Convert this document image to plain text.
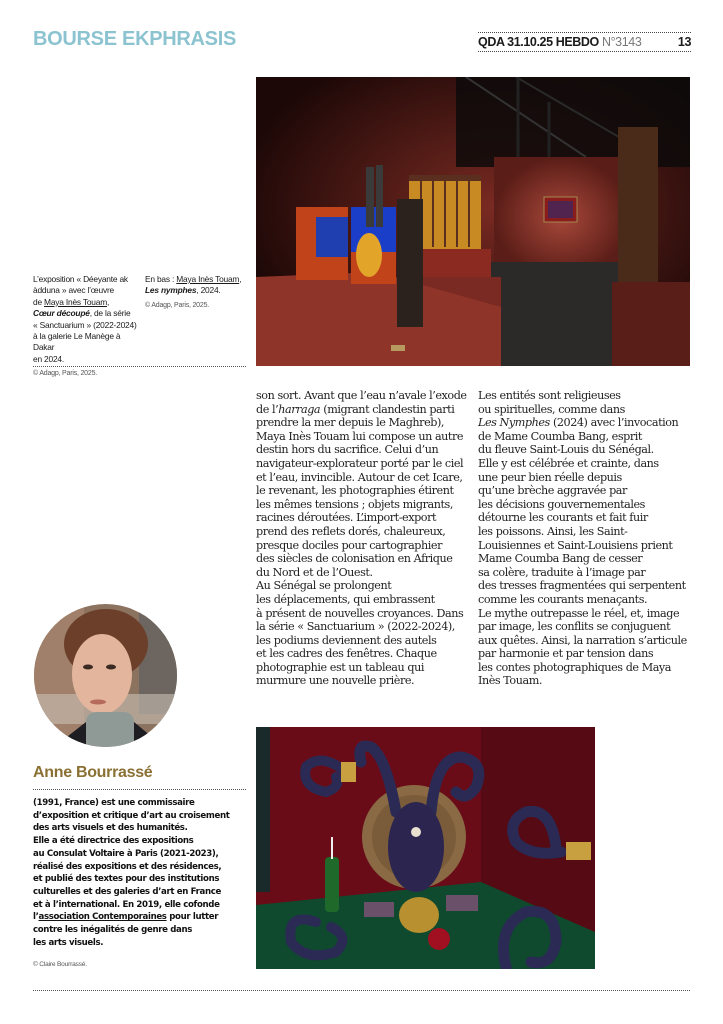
BOURSE EKPHRASIS	QDA 31.10.25 HEBDO N°3143	13
L’exposition « Déeyante ak
àdduna » avec l’œuvre
de Maya Inès Touam,
Cœur découpé, de la série
« Sanctuarium » (2022-2024)
à la galerie Le Manège à Dakar
en 2024.
© Adagp, Paris, 2025.
En bas : Maya Inès Touam,
Les nymphes, 2024.
© Adagp, Paris, 2025.

son sort. Avant que l’eau n’avale l’exode

de l’harraga (migrant clandestin parti

prendre la mer depuis le Maghreb),

Maya Inès Touam lui compose un autre

destin hors du sacrifice. Celui d’un

navigateur-explorateur porté par le ciel

et l’eau, invincible. Autour de cet Icare,

le revenant, les photographies étirent

les mêmes tensions ; objets migrants,

racines déroutées. L’import-export

prend des reflets dorés, chaleureux,

presque dociles pour cartographier

des siècles de colonisation en Afrique

du Nord et de l’Ouest.

Au Sénégal se prolongent

les déplacements, qui embrassent

à présent de nouvelles croyances. Dans

la série « Sanctuarium » (2022-2024),

les podiums deviennent des autels

et les cadres des fenêtres. Chaque

photographie est un tableau qui

murmure une nouvelle prière.

Les entités sont religieuses

ou spirituelles, comme dans

Les Nymphes (2024) avec l’invocation

de Mame Coumba Bang, esprit

du fleuve Saint-Louis du Sénégal.

Elle y est célébrée et crainte, dans

une peur bien réelle depuis

qu’une brèche aggravée par

les décisions gouvernementales

détourne les courants et fait fuir

les poissons. Ainsi, les Saint-

Louisiennes et Saint-Louisiens prient

Mame Coumba Bang de cesser

sa colère, traduite à l’image par

des tresses fragmentées qui serpentent

comme les courants menaçants.

Le mythe outrepasse le réel, et, image

par image, les conflits se conjuguent

aux quêtes. Ainsi, la narration s’articule

par harmonie et par tension dans

les contes photographiques de Maya

Inès Touam.

Anne Bourrassé

(1991, France) est une commissaire

d’exposition et critique d’art au croisement

des arts visuels et des humanités.

Elle a été directrice des expositions

au Consulat Voltaire à Paris (2021-2023),

réalisé des expositions et des résidences,

et publié des textes pour des institutions

culturelles et des galeries d’art en France

et à l’international. En 2019, elle cofonde

l’association Contemporaines pour lutter

contre les inégalités de genre dans

les arts visuels.

© Claire Bourrassé.
